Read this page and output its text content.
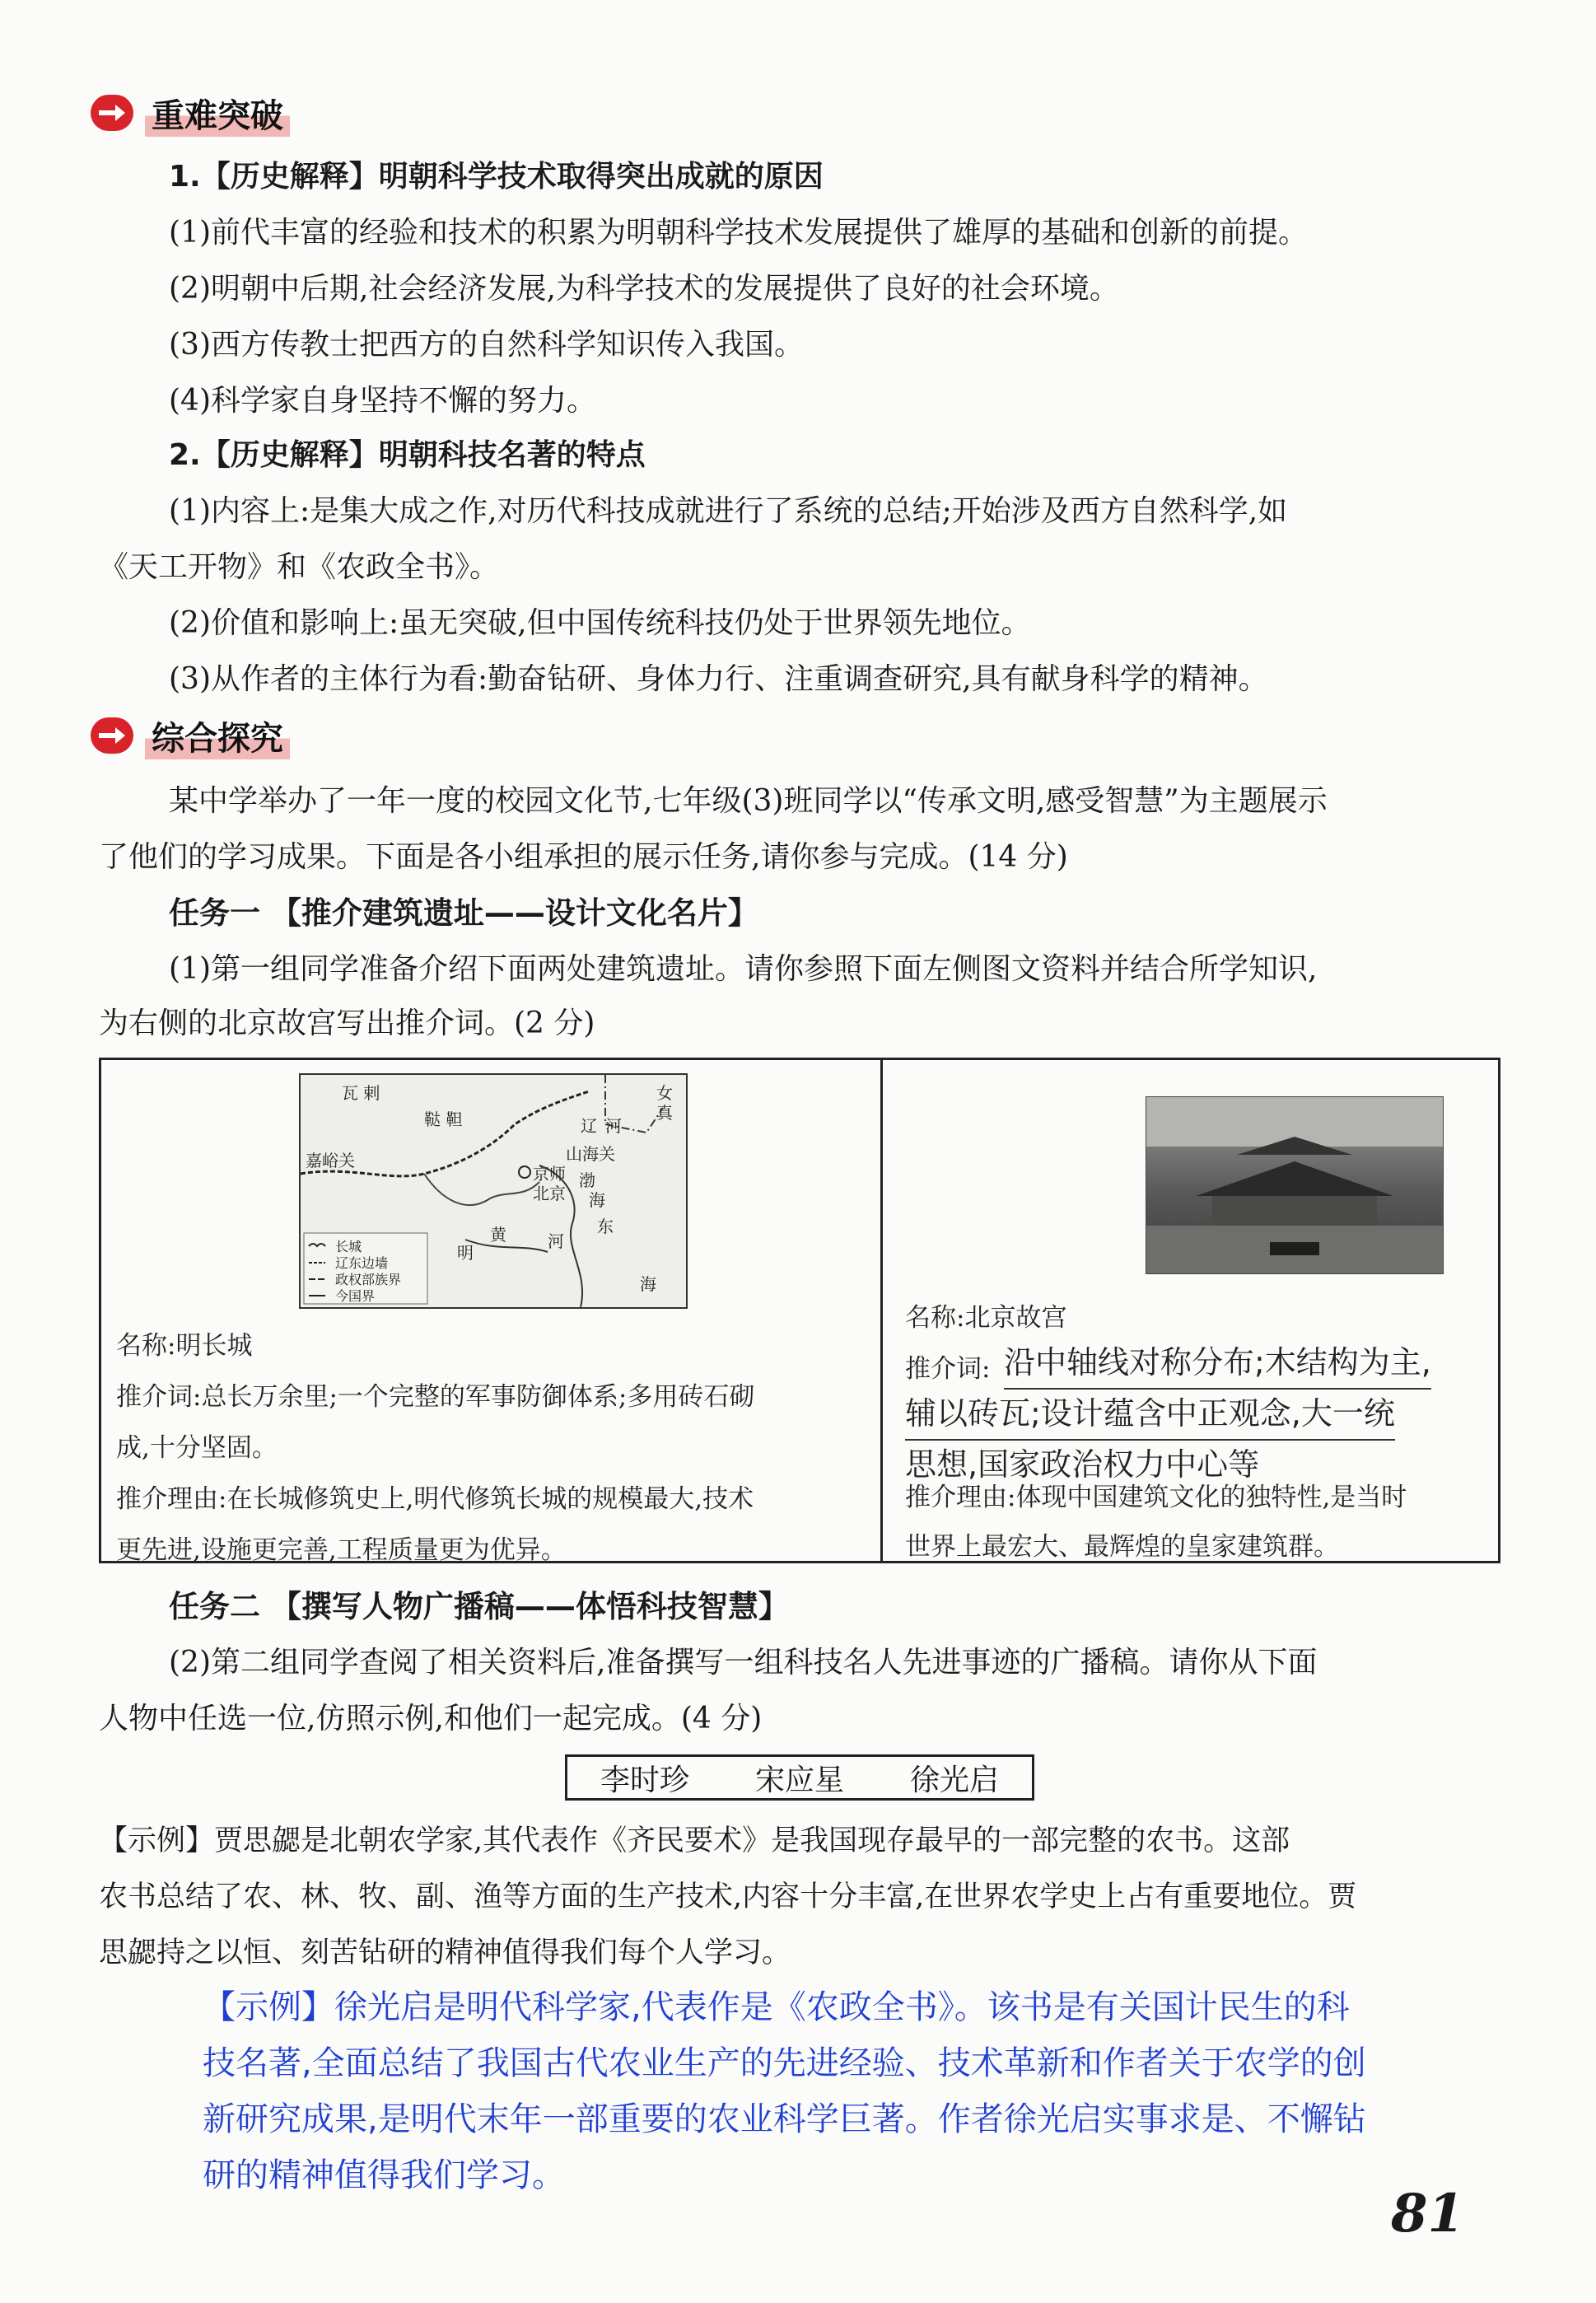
重难突破
1.【历史解释】明朝科学技术取得突出成就的原因
(1)前代丰富的经验和技术的积累为明朝科学技术发展提供了雄厚的基础和创新的前提。
(2)明朝中后期,社会经济发展,为科学技术的发展提供了良好的社会环境。
(3)西方传教士把西方的自然科学知识传入我国。
(4)科学家自身坚持不懈的努力。
2.【历史解释】明朝科技名著的特点
(1)内容上:是集大成之作,对历代科技成就进行了系统的总结;开始涉及西方自然科学,如
《天工开物》和《农政全书》。
(2)价值和影响上:虽无突破,但中国传统科技仍处于世界领先地位。
(3)从作者的主体行为看:勤奋钻研、身体力行、注重调查研究,具有献身科学的精神。
综合探究
某中学举办了一年一度的校园文化节,七年级(3)班同学以“传承文明,感受智慧”为主题展示
了他们的学习成果。下面是各小组承担的展示任务,请你参与完成。(14 分)
任务一 【推介建筑遗址——设计文化名片】
(1)第一组同学准备介绍下面两处建筑遗址。请你参照下面左侧图文资料并结合所学知识,
为右侧的北京故宫写出推介词。(2 分)
瓦 剌
鞑 靼
女
真
辽 河
嘉峪关	山海关
京师
北京
渤
海
明
黄	河
东
海
长城
辽东边墙
政权部族界
今国界
名称:明长城
推介词:总长万余里;一个完整的军事防御体系;多用砖石砌
成,十分坚固。
推介理由:在长城修筑史上,明代修筑长城的规模最大,技术
更先进,设施更完善,工程质量更为优异。
名称:北京故宫
推介词: 沿中轴线对称分布;木结构为主,
辅以砖瓦;设计蕴含中正观念,大一统
思想,国家政治权力中心等
推介理由:体现中国建筑文化的独特性,是当时
世界上最宏大、最辉煌的皇家建筑群。
任务二 【撰写人物广播稿——体悟科技智慧】
(2)第二组同学查阅了相关资料后,准备撰写一组科技名人先进事迹的广播稿。请你从下面
人物中任选一位,仿照示例,和他们一起完成。(4 分)
李时珍 宋应星 徐光启
【示例】贾思勰是北朝农学家,其代表作《齐民要术》是我国现存最早的一部完整的农书。这部
农书总结了农、林、牧、副、渔等方面的生产技术,内容十分丰富,在世界农学史上占有重要地位。贾
思勰持之以恒、刻苦钻研的精神值得我们每个人学习。
【示例】徐光启是明代科学家,代表作是《农政全书》。该书是有关国计民生的科
技名著,全面总结了我国古代农业生产的先进经验、技术革新和作者关于农学的创
新研究成果,是明代末年一部重要的农业科学巨著。作者徐光启实事求是、不懈钻
研的精神值得我们学习。
81
